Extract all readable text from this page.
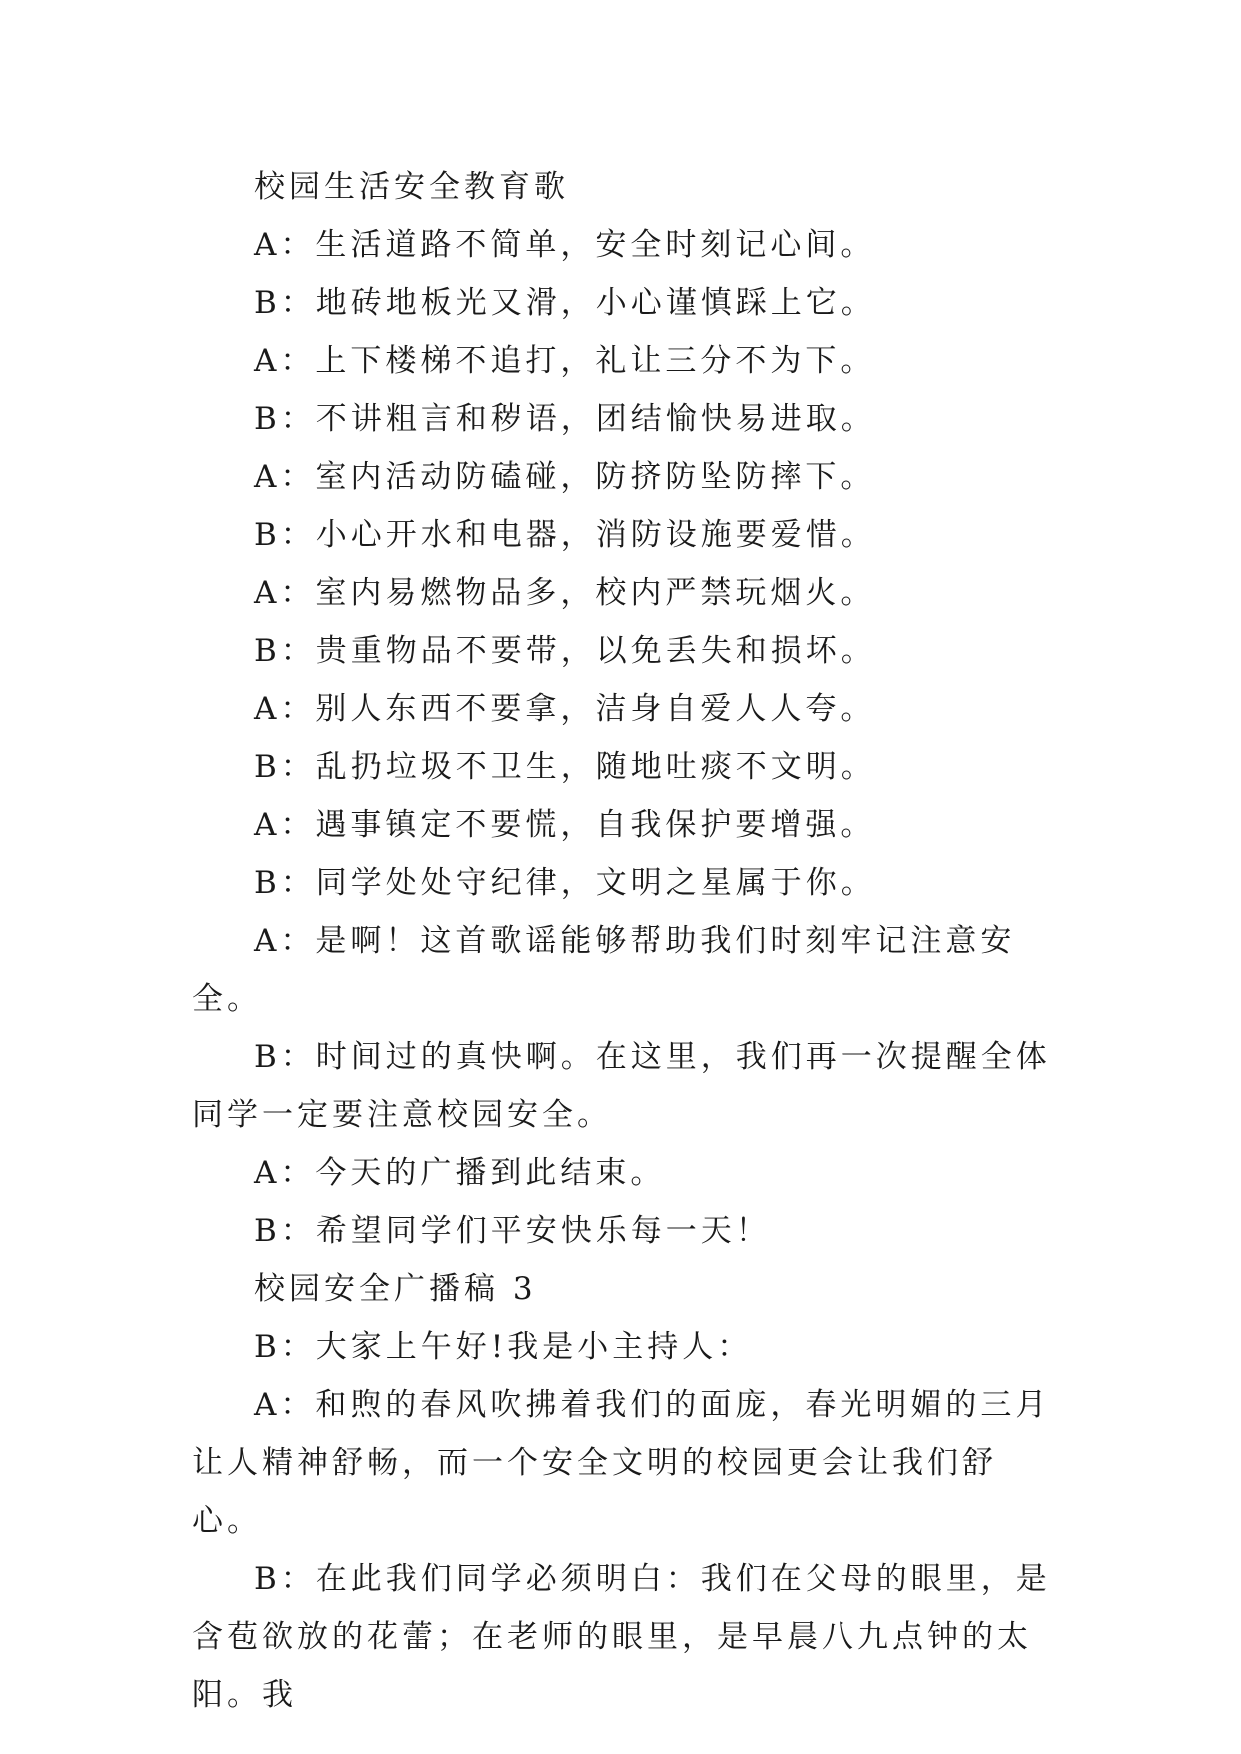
校园生活安全教育歌

A：生活道路不简单，安全时刻记心间。

B：地砖地板光又滑，小心谨慎踩上它。

A：上下楼梯不追打，礼让三分不为下。

B：不讲粗言和秽语，团结愉快易进取。

A：室内活动防磕碰，防挤防坠防摔下。

B：小心开水和电器，消防设施要爱惜。

A：室内易燃物品多，校内严禁玩烟火。

B：贵重物品不要带，以免丢失和损坏。

A：别人东西不要拿，洁身自爱人人夸。

B：乱扔垃圾不卫生，随地吐痰不文明。

A：遇事镇定不要慌，自我保护要增强。

B：同学处处守纪律，文明之星属于你。

A：是啊！这首歌谣能够帮助我们时刻牢记注意安全。

B：时间过的真快啊。在这里，我们再一次提醒全体同学一定要注意校园安全。

A：今天的广播到此结束。

B：希望同学们平安快乐每一天！

校园安全广播稿 3

B：大家上午好!我是小主持人：

A：和煦的春风吹拂着我们的面庞，春光明媚的三月让人精神舒畅，而一个安全文明的校园更会让我们舒心。

B：在此我们同学必须明白：我们在父母的眼里，是含苞欲放的花蕾；在老师的眼里，是早晨八九点钟的太阳。我
